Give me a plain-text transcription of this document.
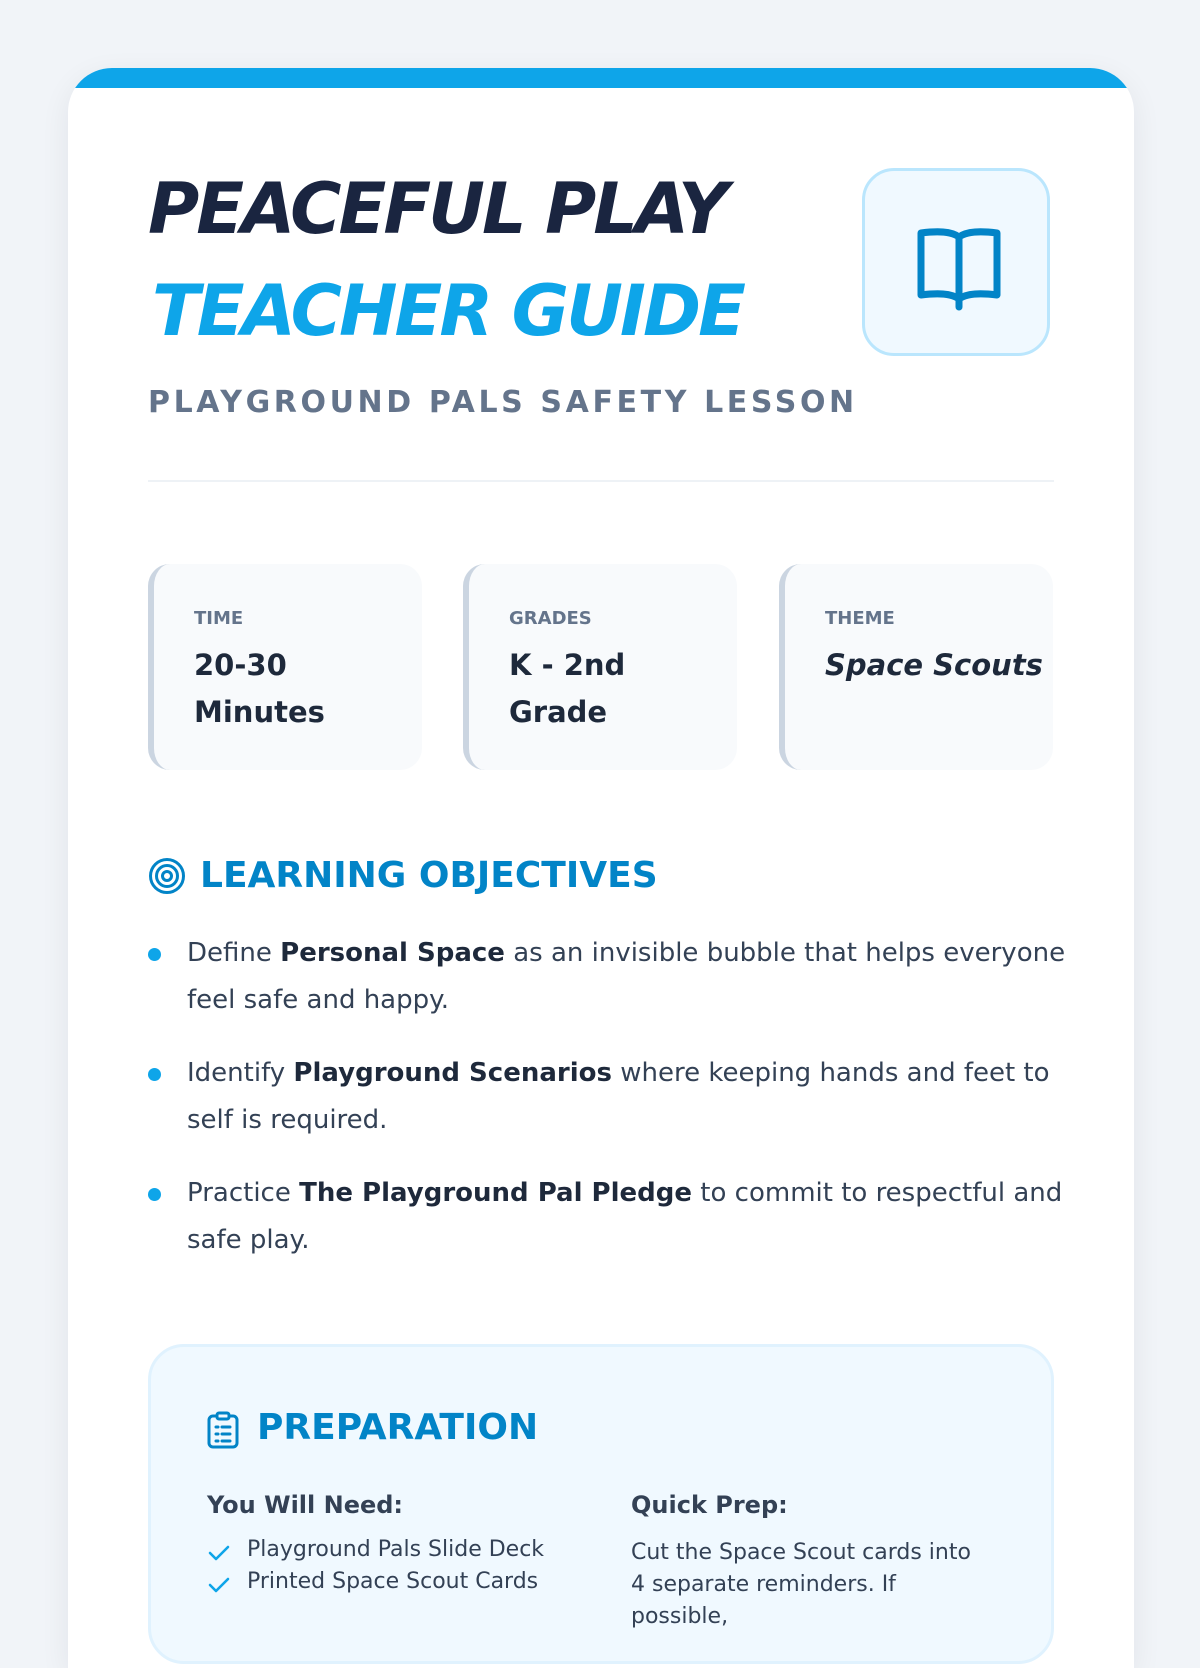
PEACEFUL PLAY
TEACHER GUIDE
PLAYGROUND PALS SAFETY LESSON
TIME
20-30 Minutes
GRADES
K - 2nd Grade
THEME
Space Scouts
LEARNING OBJECTIVES
Define Personal Space as an invisible bubble that helps everyone feel safe and happy.
Identify Playground Scenarios where keeping hands and feet to self is required.
Practice The Playground Pal Pledge to commit to respectful and safe play.
PREPARATION
You Will Need:	Quick Prep:
Playground Pals Slide Deck
Printed Space Scout Cards
Cut the Space Scout cards into 4 separate reminders. If possible,
